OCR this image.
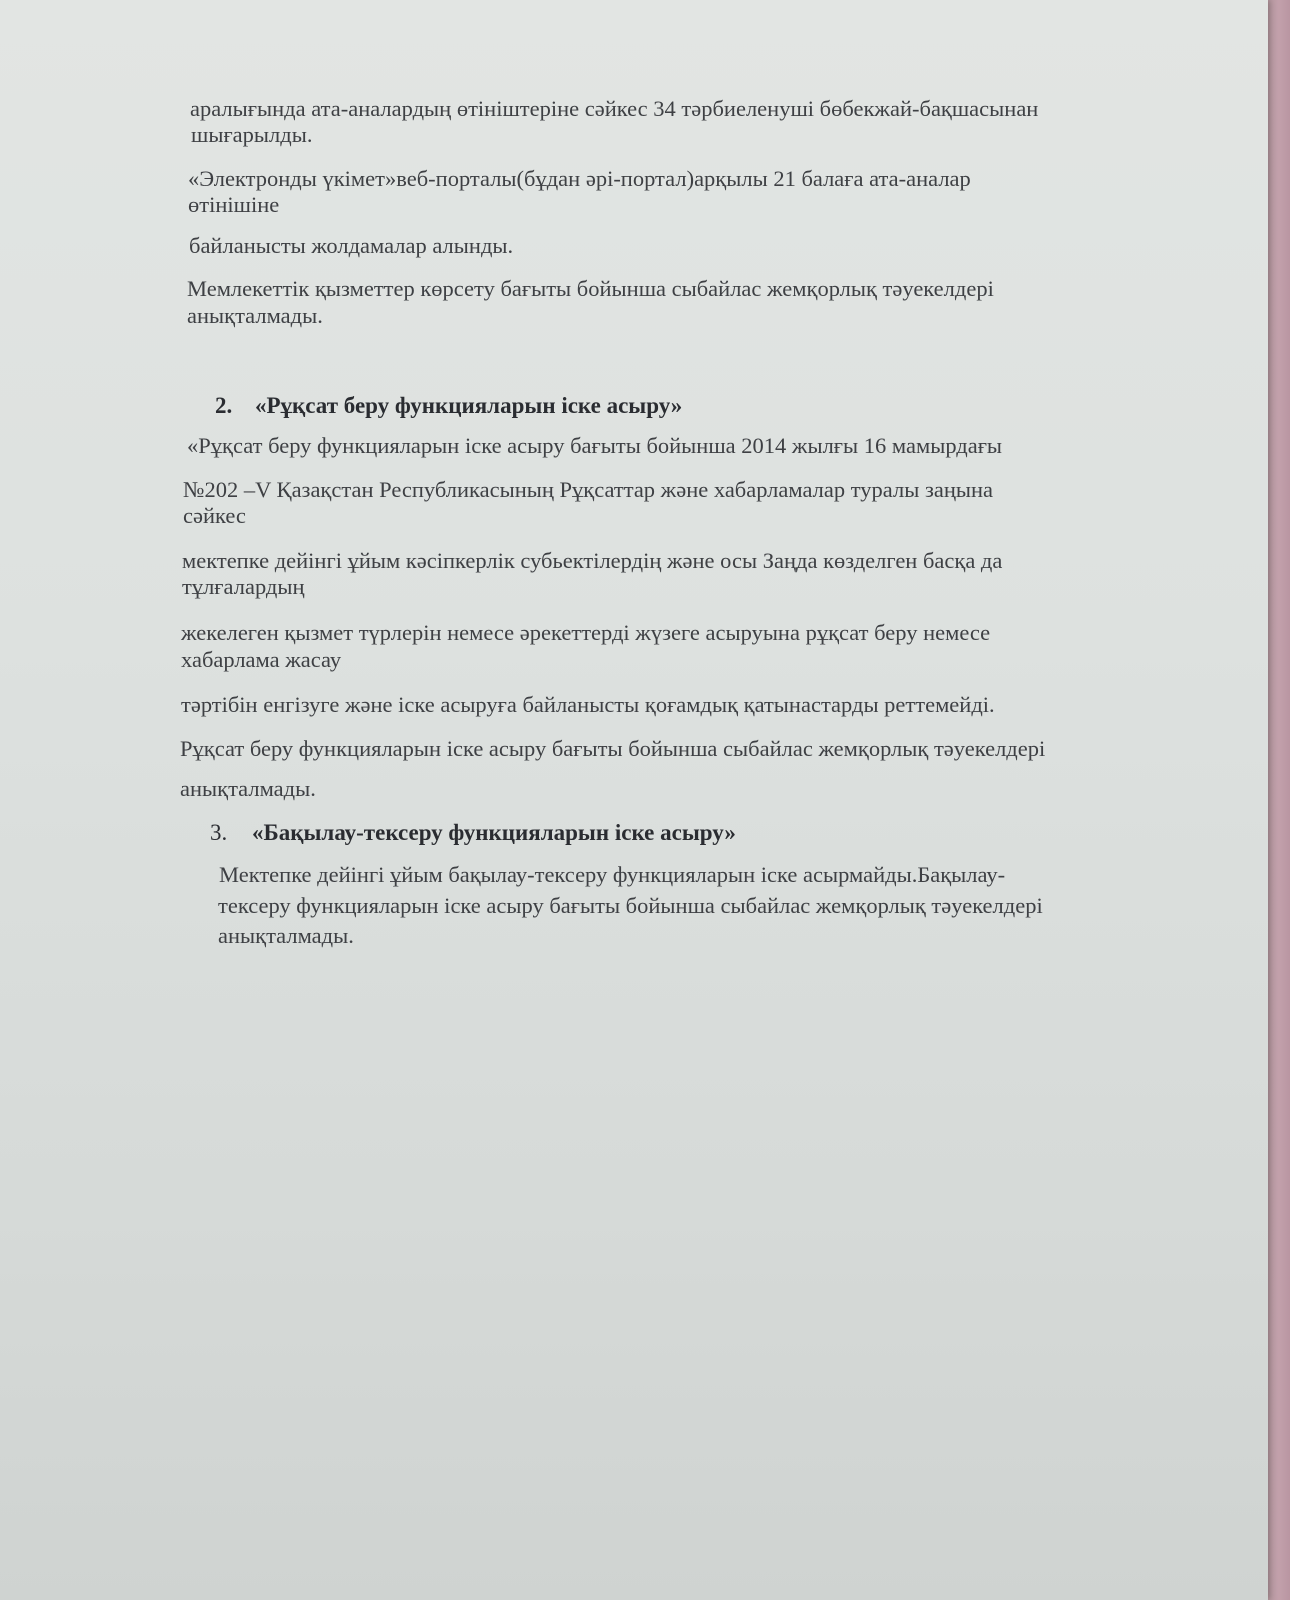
аралығында ата-аналардың өтініштеріне сәйкес 34 тәрбиеленуші бөбекжай-бақшасынан
шығарылды.
«Электронды үкімет»веб-порталы(бұдан әрі-портал)арқылы 21 балаға ата-аналар
өтінішіне
байланысты жолдамалар алынды.
Мемлекеттік қызметтер көрсету бағыты бойынша сыбайлас жемқорлық тәуекелдері
анықталмады.
2. «Рұқсат беру функцияларын іске асыру»
«Рұқсат беру функцияларын іске асыру бағыты бойынша 2014 жылғы 16 мамырдағы
№202 –V Қазақстан Республикасының Рұқсаттар және хабарламалар туралы заңына
сәйкес
мектепке дейінгі ұйым кәсіпкерлік субьектілердің және осы Заңда көзделген басқа да
тұлғалардың
жекелеген қызмет түрлерін немесе әрекеттерді жүзеге асыруына рұқсат беру немесе
хабарлама жасау
тәртібін енгізуге және іске асыруға байланысты қоғамдық қатынастарды реттемейді.
Рұқсат беру функцияларын іске асыру бағыты бойынша сыбайлас жемқорлық тәуекелдері
анықталмады.
3. «Бақылау-тексеру функцияларын іске асыру»
Мектепке дейінгі ұйым бақылау-тексеру функцияларын іске асырмайды.Бақылау-
тексеру функцияларын іске асыру бағыты бойынша сыбайлас жемқорлық тәуекелдері
анықталмады.
